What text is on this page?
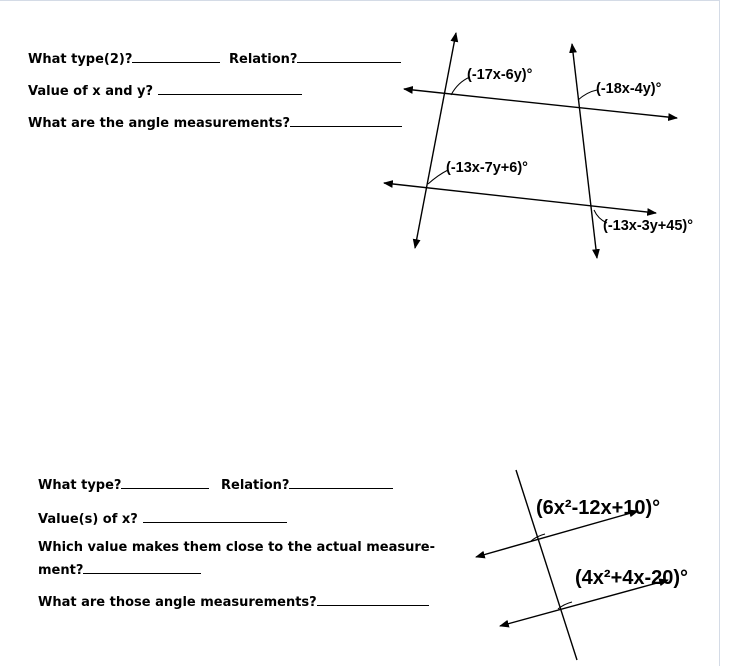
What type(2)?	Relation?
Value of x and y?
What are the angle measurements?
What type?	Relation?
Value(s) of x?
Which value makes them close to the actual measure-
ment?
What are those angle measurements?
(-17x-6y)°
(-18x-4y)°
(-13x-7y+6)°
(-13x-3y+45)°
(6x²-12x+10)°
(4x²+4x-20)°
